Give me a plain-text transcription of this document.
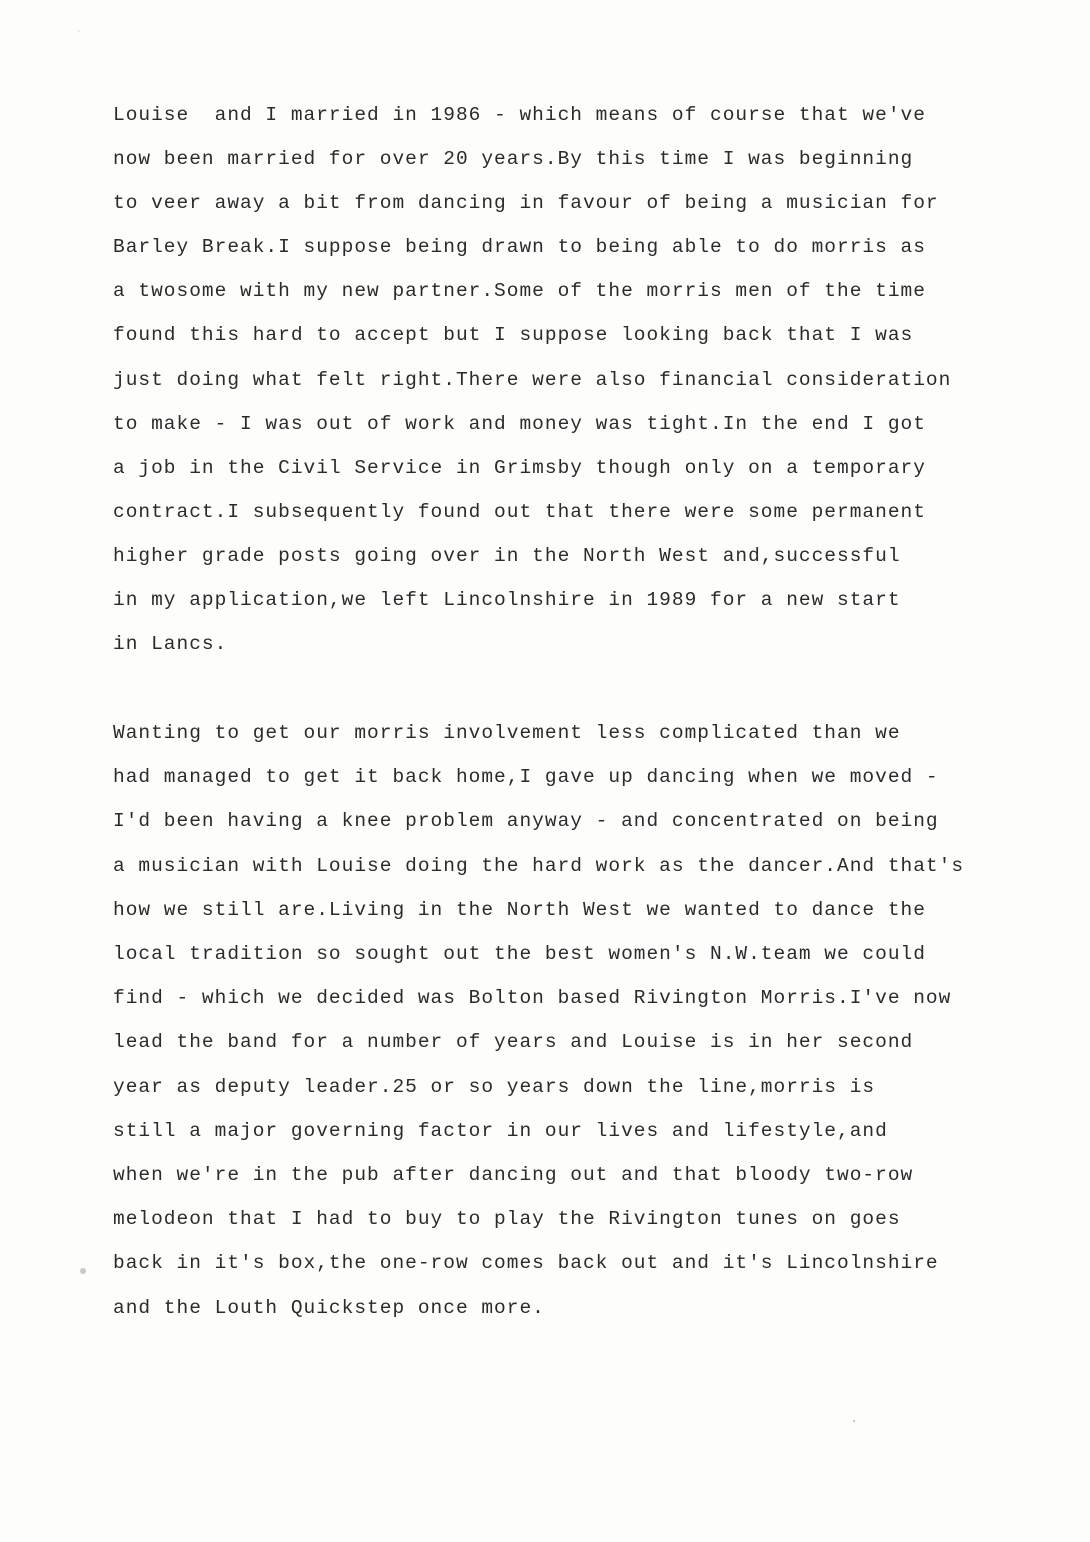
Louise  and I married in 1986 - which means of course that we've
now been married for over 20 years.By this time I was beginning
to veer away a bit from dancing in favour of being a musician for
Barley Break.I suppose being drawn to being able to do morris as
a twosome with my new partner.Some of the morris men of the time
found this hard to accept but I suppose looking back that I was
just doing what felt right.There were also financial consideration
to make - I was out of work and money was tight.In the end I got
a job in the Civil Service in Grimsby though only on a temporary
contract.I subsequently found out that there were some permanent
higher grade posts going over in the North West and,successful
in my application,we left Lincolnshire in 1989 for a new start
in Lancs.
Wanting to get our morris involvement less complicated than we
had managed to get it back home,I gave up dancing when we moved -
I'd been having a knee problem anyway - and concentrated on being
a musician with Louise doing the hard work as the dancer.And that's
how we still are.Living in the North West we wanted to dance the
local tradition so sought out the best women's N.W.team we could
find - which we decided was Bolton based Rivington Morris.I've now
lead the band for a number of years and Louise is in her second
year as deputy leader.25 or so years down the line,morris is
still a major governing factor in our lives and lifestyle,and
when we're in the pub after dancing out and that bloody two-row
melodeon that I had to buy to play the Rivington tunes on goes
back in it's box,the one-row comes back out and it's Lincolnshire
and the Louth Quickstep once more.
